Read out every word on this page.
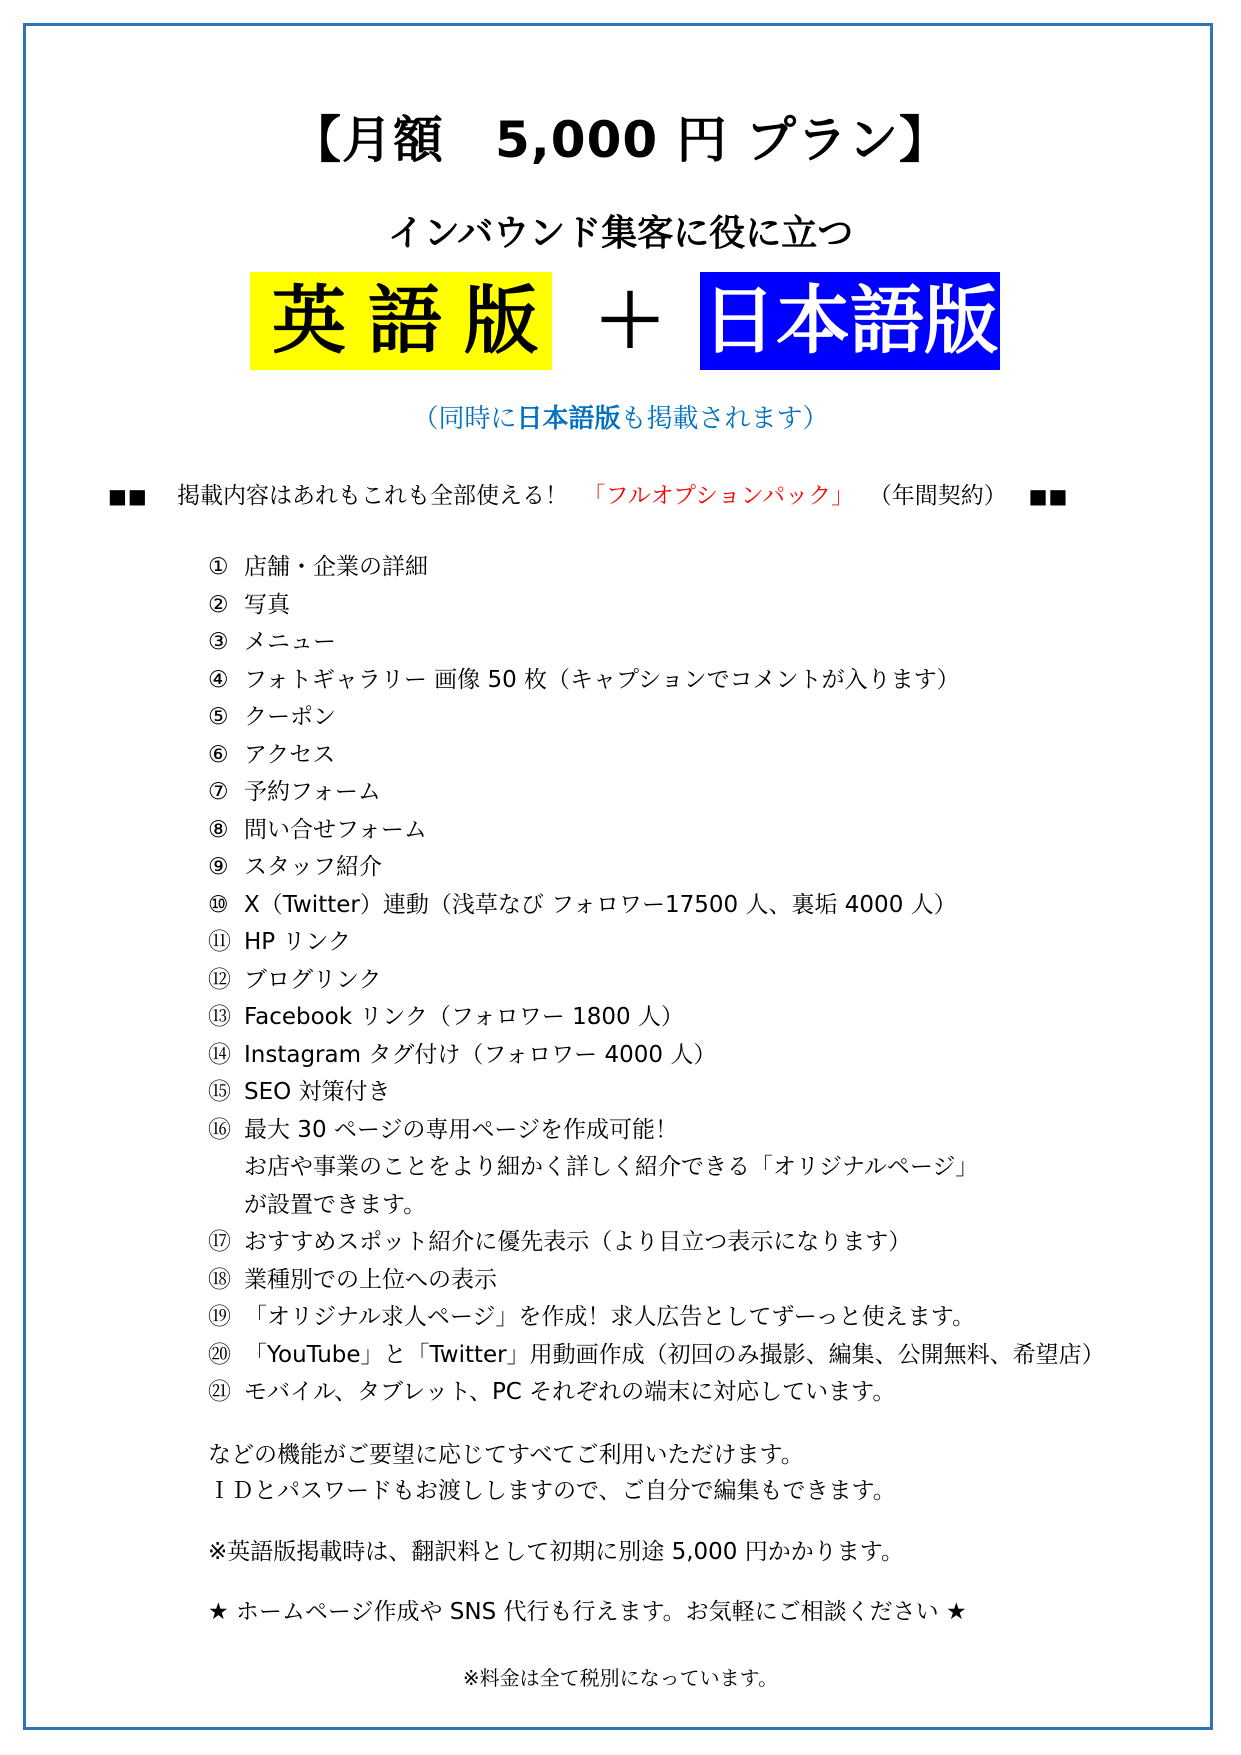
【月額　5,000 円 プラン】
インバウンド集客に役に立つ
英語版 ＋ 日本語版
（同時に日本語版も掲載されます）
■■ 掲載内容はあれもこれも全部使える！ 「フルオプションパック」 （年間契約） ■■
① 店舗・企業の詳細
② 写真
③ メニュー
④ フォトギャラリー 画像 50 枚（キャプションでコメントが入ります）
⑤ クーポン
⑥ アクセス
⑦ 予約フォーム
⑧ 問い合せフォーム
⑨ スタッフ紹介
⑩ X（Twitter）連動（浅草なび フォロワー17500 人、裏垢 4000 人）
⑪ HP リンク
⑫ ブログリンク
⑬ Facebook リンク（フォロワー 1800 人）
⑭ Instagram タグ付け（フォロワー 4000 人）
⑮ SEO 対策付き
⑯ 最大 30 ページの専用ページを作成可能！
お店や事業のことをより細かく詳しく紹介できる「オリジナルページ」
が設置できます。
⑰ おすすめスポット紹介に優先表示（より目立つ表示になります）
⑱ 業種別での上位への表示
⑲ 「オリジナル求人ページ」を作成！求人広告としてずーっと使えます。
⑳ 「YouTube」と「Twitter」用動画作成（初回のみ撮影、編集、公開無料、希望店）
㉑ モバイル、タブレット、PC それぞれの端末に対応しています。
などの機能がご要望に応じてすべてご利用いただけます。
ＩＤとパスワードもお渡ししますので、ご自分で編集もできます。
※英語版掲載時は、翻訳料として初期に別途 5,000 円かかります。
★ ホームページ作成や SNS 代行も行えます。お気軽にご相談ください ★
※料金は全て税別になっています。
